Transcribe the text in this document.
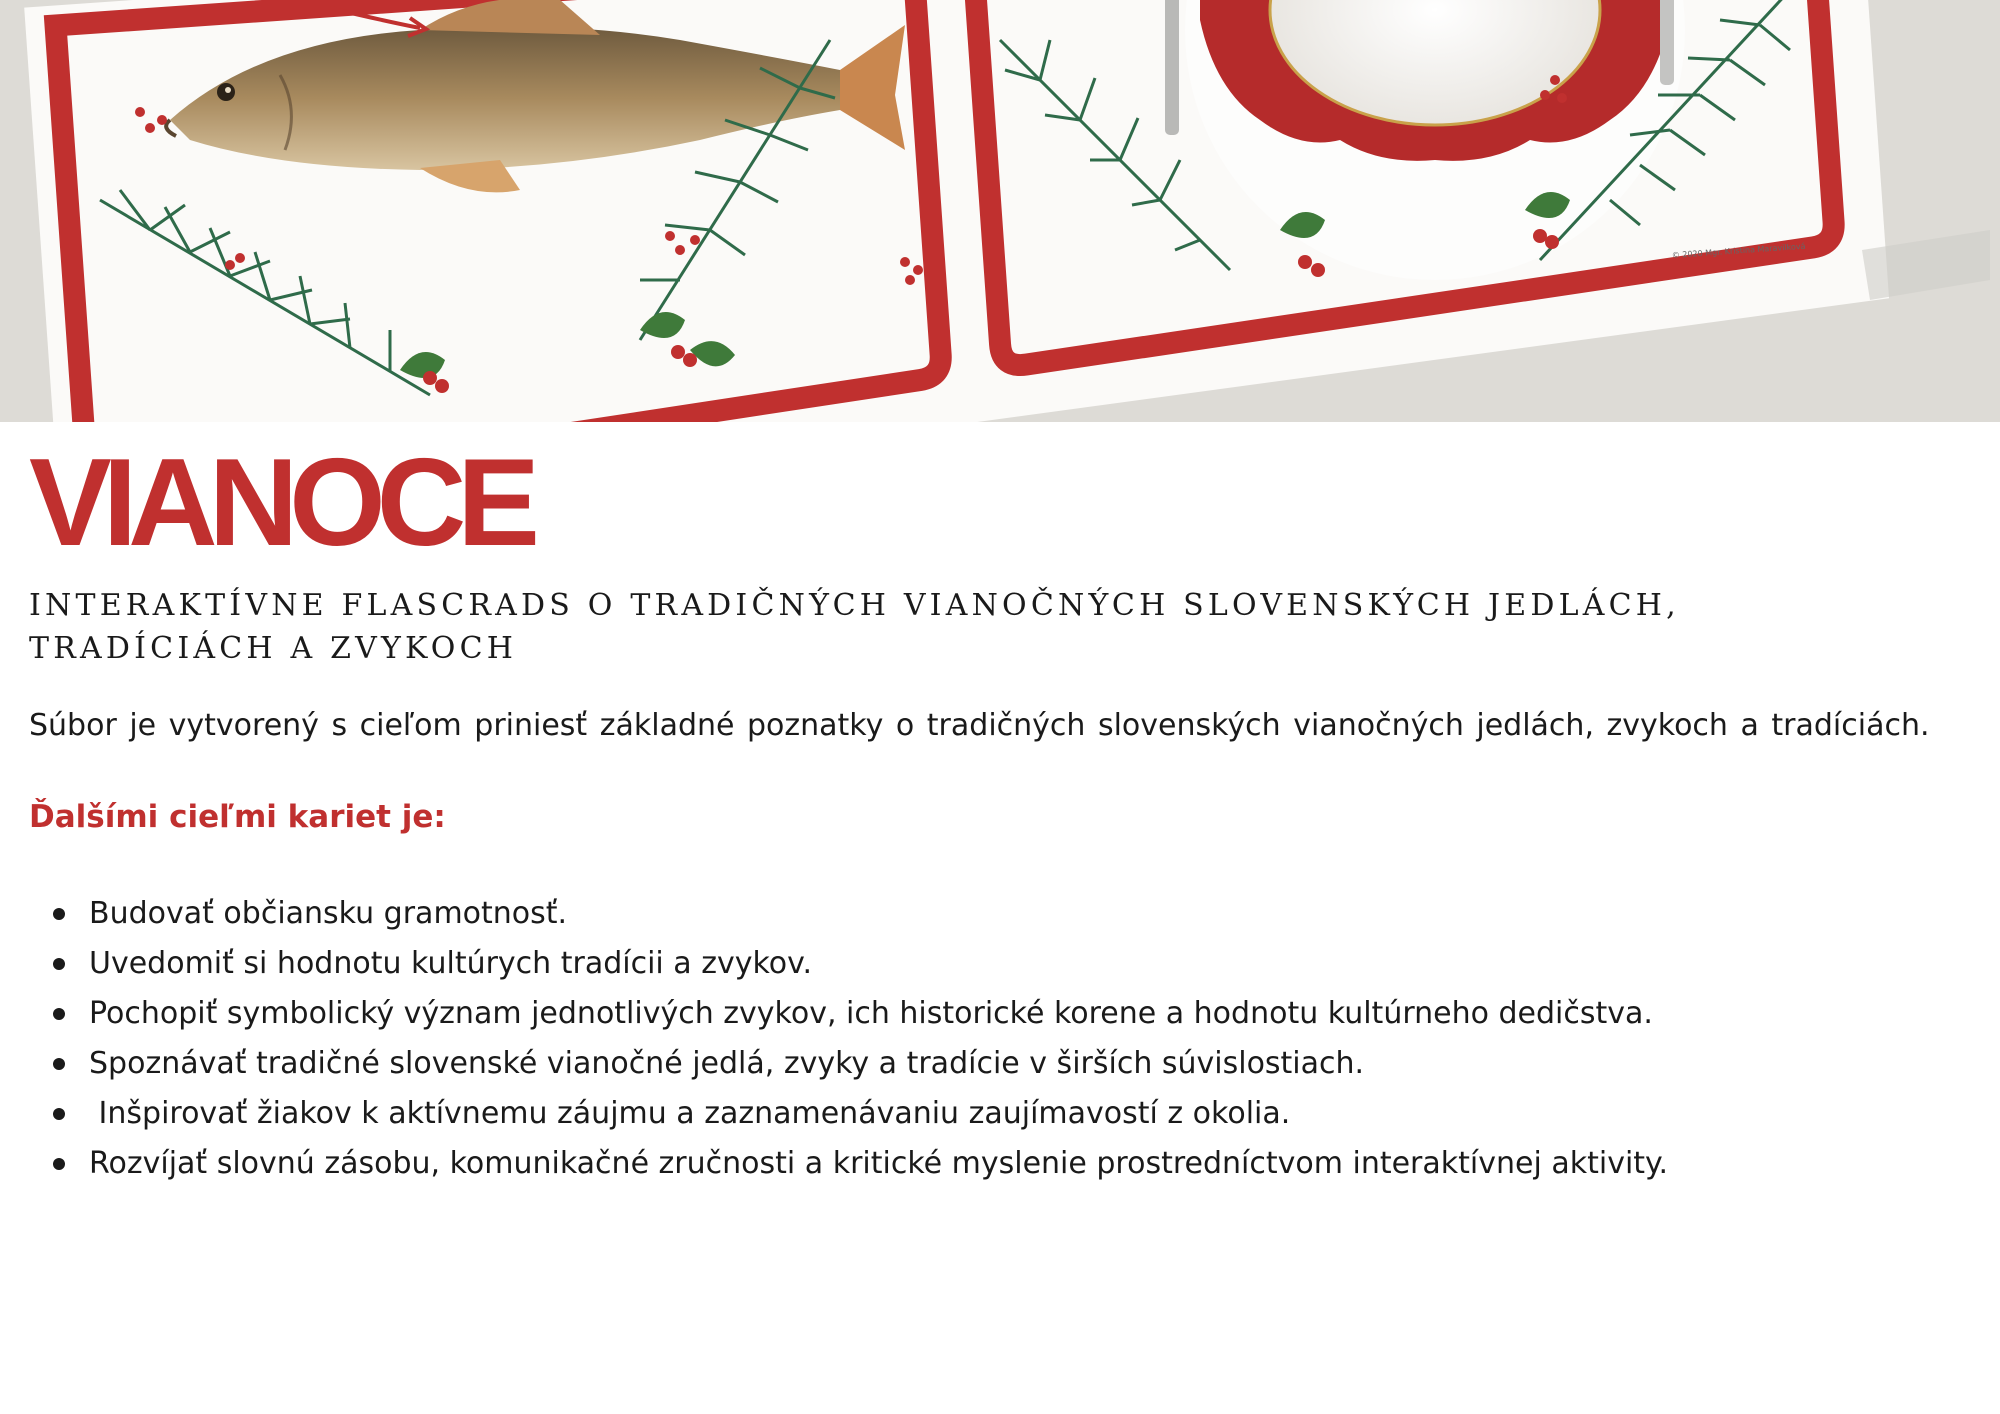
© 2020 Mgr. Kristína Maravilková
VIANOCE
INTERAKTÍVNE FLASCRADS O TRADIČNÝCH VIANOČNÝCH SLOVENSKÝCH JEDLÁCH,
TRADÍCIÁCH A ZVYKOCH

Súbor je vytvorený s cieľom priniesť základné poznatky o tradičných slovenských vianočných jedlách, zvykoch a tradíciách.

Ďalšími cieľmi kariet je:
Budovať občiansku gramotnosť.
Uvedomiť si hodnotu kultúrych tradícii a zvykov.
Pochopiť symbolický význam jednotlivých zvykov, ich historické korene a hodnotu kultúrneho dedičstva.
Spoznávať tradičné slovenské vianočné jedlá, zvyky a tradície v širších súvislostiach.
Inšpirovať žiakov k aktívnemu záujmu a zaznamenávaniu zaujímavostí z okolia.
Rozvíjať slovnú zásobu, komunikačné zručnosti a kritické myslenie prostredníctvom interaktívnej aktivity.
